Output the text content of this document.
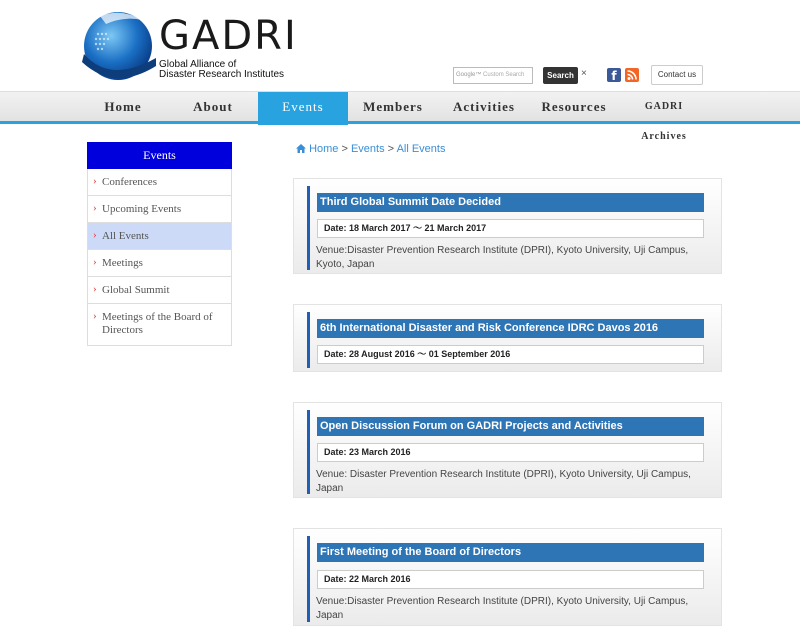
GADRI
Global Alliance of
Disaster Research Institutes	Google™ Custom Search	Search ×	f	Contact us
Home	About	Events	Members	Activities	Resources	GADRI Archives
Events
› Conferences
› Upcoming Events
› All Events
› Meetings
› Global Summit
› Meetings of the Board of Directors
Home > Events > All Events
Third Global Summit Date Decided
Date: 18 March 2017 ～ 21 March 2017
Venue:Disaster Prevention Research Institute (DPRI), Kyoto University, Uji Campus, Kyoto, Japan
6th International Disaster and Risk Conference IDRC Davos 2016
Date: 28 August 2016 ～ 01 September 2016
Open Discussion Forum on GADRI Projects and Activities
Date: 23 March 2016
Venue: Disaster Prevention Research Institute (DPRI), Kyoto University, Uji Campus, Japan
First Meeting of the Board of Directors
Date: 22 March 2016
Venue:Disaster Prevention Research Institute (DPRI), Kyoto University, Uji Campus, Japan
